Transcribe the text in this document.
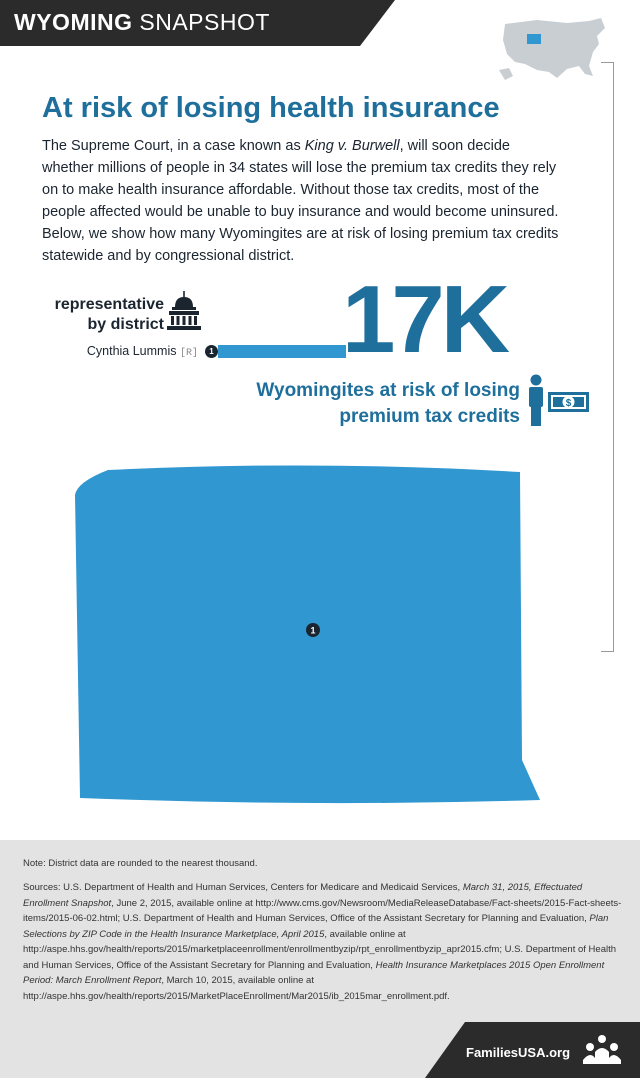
WYOMING SNAPSHOT
At risk of losing health insurance

The Supreme Court, in a case known as King v. Burwell, will soon decide whether millions of people in 34 states will lose the premium tax credits they rely on to make health insurance affordable. Without those tax credits, most of the people affected would be unable to buy insurance and would become uninsured. Below, we show how many Wyomingites are at risk of losing premium tax credits statewide and by congressional district.

representative
by district
Cynthia Lummis [R]	1 17K
Wyomingites at risk of losing
premium tax credits
$
1
Note: District data are rounded to the nearest thousand.
Sources: U.S. Department of Health and Human Services, Centers for Medicare and Medicaid Services, March 31, 2015, Effectuated Enrollment Snapshot, June 2, 2015, available online at http://www.cms.gov/Newsroom/MediaReleaseDatabase/Fact-sheets/2015-Fact-sheets-items/2015-06-02.html; U.S. Department of Health and Human Services, Office of the Assistant Secretary for Planning and Evaluation, Plan Selections by ZIP Code in the Health Insurance Marketplace, April 2015, available online at http://aspe.hhs.gov/health/reports/2015/marketplaceenrollment/enrollmentbyzip/rpt_enrollmentbyzip_apr2015.cfm; U.S. Department of Health and Human Services, Office of the Assistant Secretary for Planning and Evaluation, Health Insurance Marketplaces 2015 Open Enrollment Period: March Enrollment Report, March 10, 2015, available online at http://aspe.hhs.gov/health/reports/2015/MarketPlaceEnrollment/Mar2015/ib_2015mar_enrollment.pdf.
FamiliesUSA.org
